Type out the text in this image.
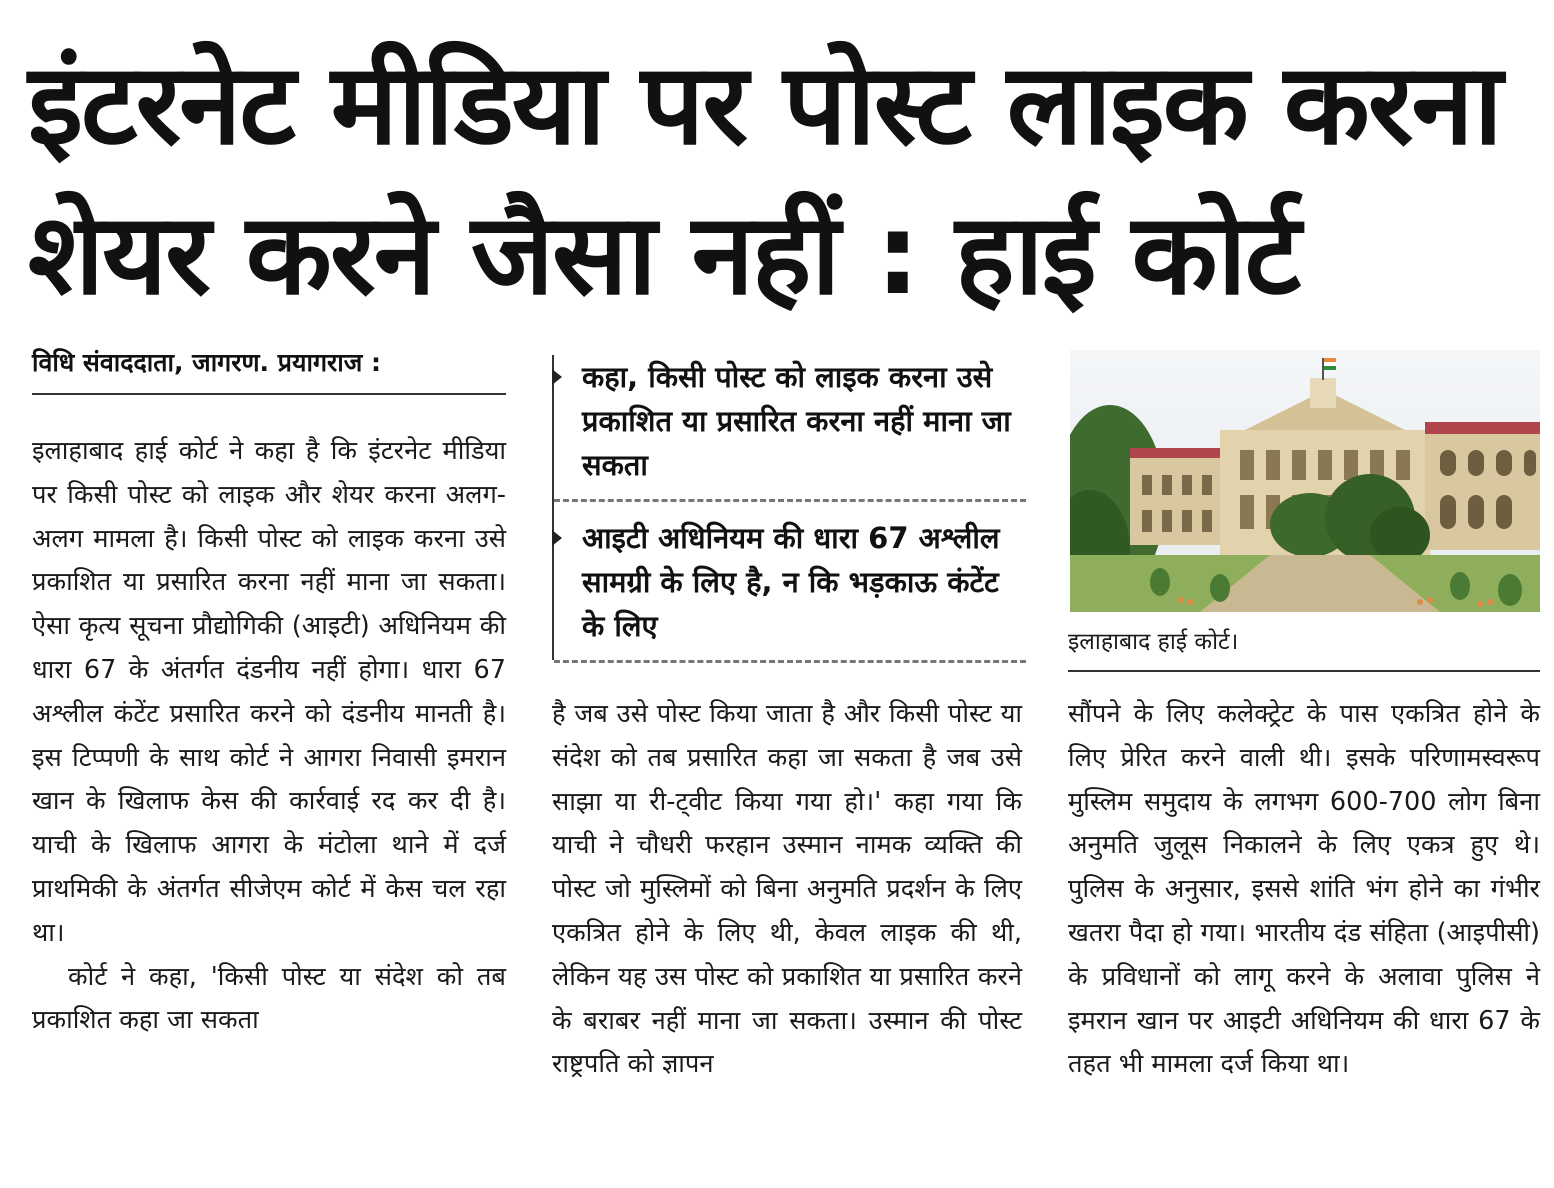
इंटरनेट मीडिया पर पोस्ट लाइक करना
शेयर करने जैसा नहीं : हाई कोर्ट
विधि संवाददाता, जागरण. प्रयागराज :

इलाहाबाद हाई कोर्ट ने कहा है कि इंटरनेट मीडिया पर किसी पोस्ट को लाइक और शेयर करना अलग-अलग मामला है। किसी पोस्ट को लाइक करना उसे प्रकाशित या प्रसारित करना नहीं माना जा सकता। ऐसा कृत्य सूचना प्रौद्योगिकी (आइटी) अधिनियम की धारा 67 के अंतर्गत दंडनीय नहीं होगा। धारा 67 अश्लील कंटेंट प्रसारित करने को दंडनीय मानती है। इस टिप्पणी के साथ कोर्ट ने आगरा निवासी इमरान खान के खिलाफ केस की कार्रवाई रद कर दी है। याची के खिलाफ आगरा के मंटोला थाने में दर्ज प्राथमिकी के अंतर्गत सीजेएम कोर्ट में केस चल रहा था।

कोर्ट ने कहा, 'किसी पोस्ट या संदेश को तब प्रकाशित कहा जा सकता

कहा, किसी पोस्ट को लाइक करना उसे प्रकाशित या प्रसारित करना नहीं माना जा सकता
आइटी अधिनियम की धारा 67 अश्लील सामग्री के लिए है, न कि भड़काऊ कंटेंट के लिए

है जब उसे पोस्ट किया जाता है और किसी पोस्ट या संदेश को तब प्रसारित कहा जा सकता है जब उसे साझा या री-ट्वीट किया गया हो।' कहा गया कि याची ने चौधरी फरहान उस्मान नामक व्यक्ति की पोस्ट जो मुस्लिमों को बिना अनुमति प्रदर्शन के लिए एकत्रित होने के लिए थी, केवल लाइक की थी, लेकिन यह उस पोस्ट को प्रकाशित या प्रसारित करने के बराबर नहीं माना जा सकता। उस्मान की पोस्ट राष्ट्रपति को ज्ञापन

इलाहाबाद हाई कोर्ट।

सौंपने के लिए कलेक्ट्रेट के पास एकत्रित होने के लिए प्रेरित करने वाली थी। इसके परिणामस्वरूप मुस्लिम समुदाय के लगभग 600-700 लोग बिना अनुमति जुलूस निकालने के लिए एकत्र हुए थे। पुलिस के अनुसार, इससे शांति भंग होने का गंभीर खतरा पैदा हो गया। भारतीय दंड संहिता (आइपीसी) के प्रविधानों को लागू करने के अलावा पुलिस ने इमरान खान पर आइटी अधिनियम की धारा 67 के तहत भी मामला दर्ज किया था।
